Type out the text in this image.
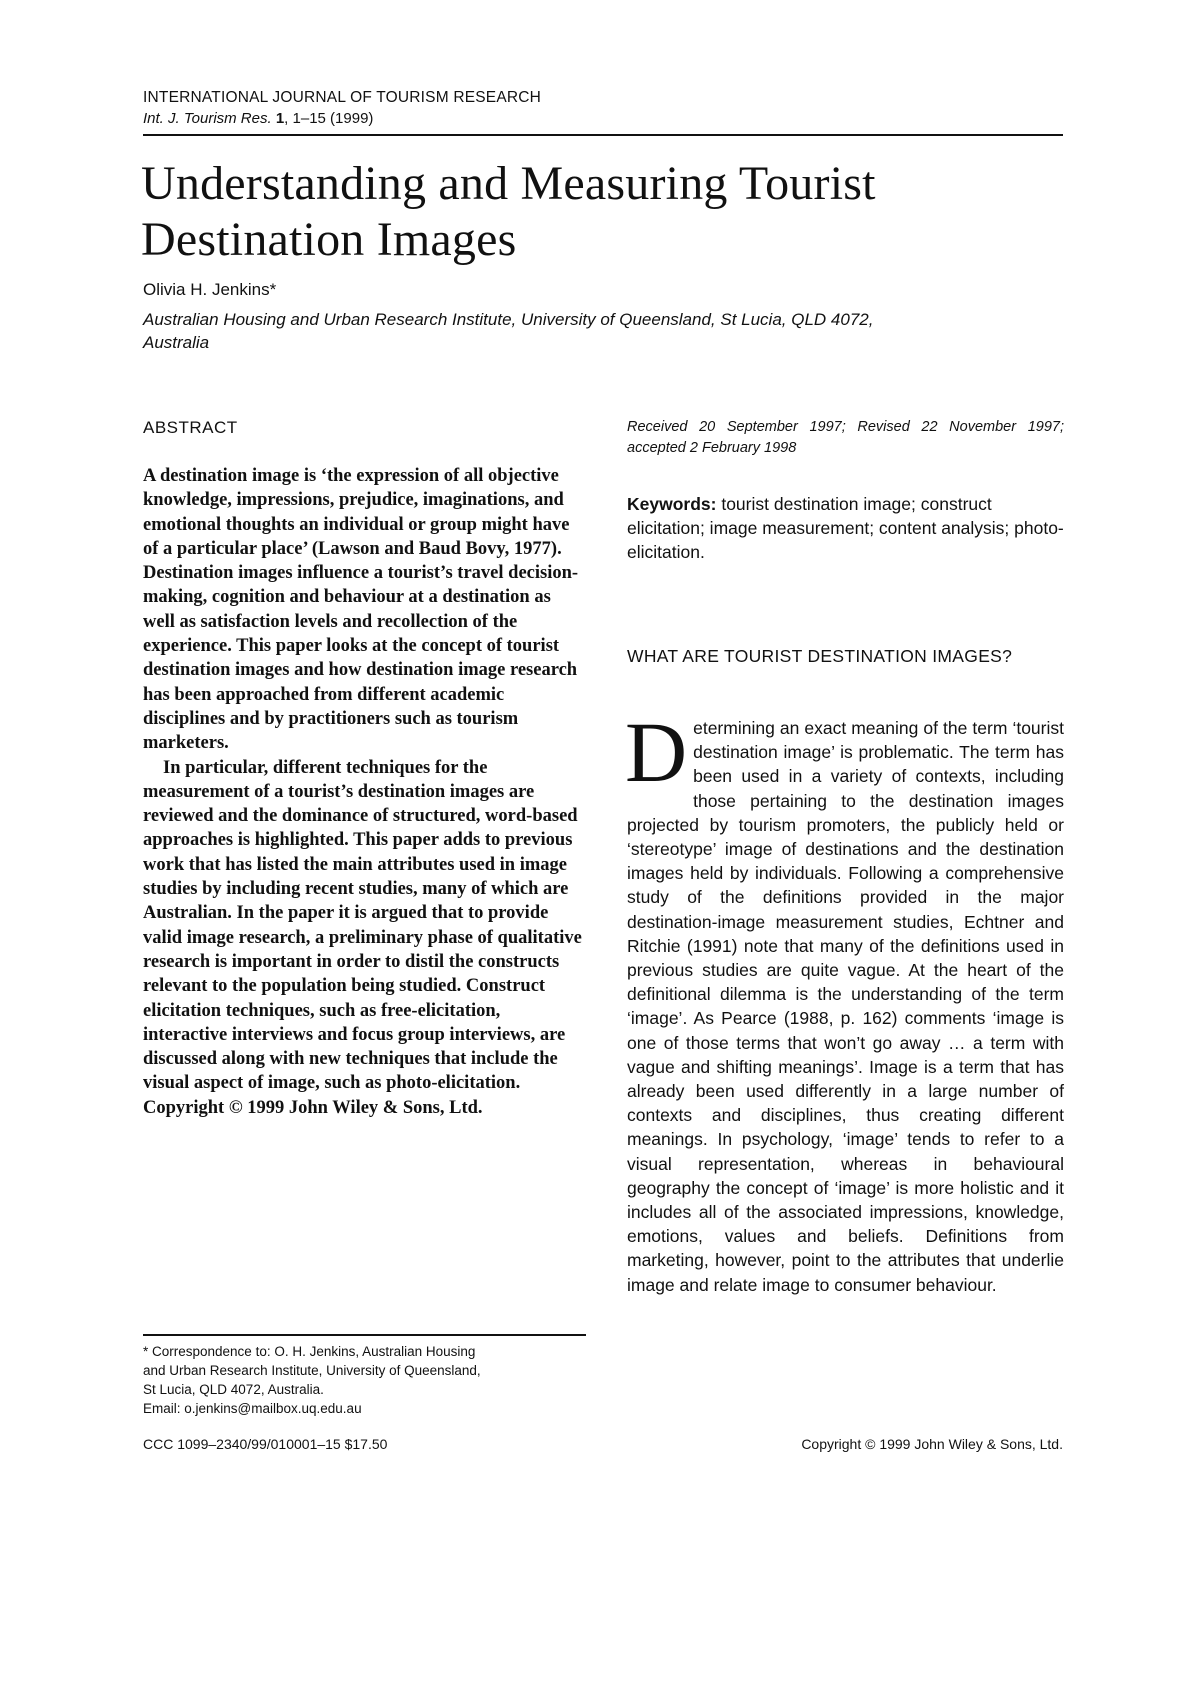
INTERNATIONAL JOURNAL OF TOURISM RESEARCH
Int. J. Tourism Res. 1, 1–15 (1999)
Understanding and Measuring Tourist
Destination Images
Olivia H. Jenkins*
Australian Housing and Urban Research Institute, University of Queensland, St Lucia, QLD 4072,
Australia
ABSTRACT

A destination image is ‘the expression of all objective knowledge, impressions, prejudice, imaginations, and emotional thoughts an individual or group might have of a particular place’ (Lawson and Baud Bovy, 1977). Destination images influence a tourist’s travel decision-making, cognition and behaviour at a destination as well as satisfaction levels and recollection of the experience. This paper looks at the concept of tourist destination images and how destination image research has been approached from different academic disciplines and by practitioners such as tourism marketers.

In particular, different techniques for the measurement of a tourist’s destination images are reviewed and the dominance of structured, word-based approaches is highlighted. This paper adds to previous work that has listed the main attributes used in image studies by including recent studies, many of which are Australian. In the paper it is argued that to provide valid image research, a preliminary phase of qualitative research is important in order to distil the constructs relevant to the population being studied. Construct elicitation techniques, such as free-elicitation, interactive interviews and focus group interviews, are discussed along with new techniques that include the visual aspect of image, such as photo-elicitation. Copyright © 1999 John Wiley & Sons, Ltd.

* Correspondence to: O. H. Jenkins, Australian Housing
and Urban Research Institute, University of Queensland,
St Lucia, QLD 4072, Australia.
Email: o.jenkins@mailbox.uq.edu.au
CCC 1099–2340/99/010001–15 $17.50
Received 20 September 1997; Revised 22 November 1997; accepted 2 February 1998
Keywords: tourist destination image; construct elicitation; image measurement; content analysis; photo-elicitation.
WHAT ARE TOURIST DESTINATION IMAGES?

Determining an exact meaning of the term ‘tourist destination image’ is problematic. The term has been used in a variety of contexts, including those pertaining to the destination images projected by tourism promoters, the publicly held or ‘stereotype’ image of destinations and the destination images held by individuals. Following a comprehensive study of the definitions provided in the major destination-image measurement studies, Echtner and Ritchie (1991) note that many of the definitions used in previous studies are quite vague. At the heart of the definitional dilemma is the understanding of the term ‘image’. As Pearce (1988, p. 162) comments ‘image is one of those terms that won’t go away … a term with vague and shifting meanings’. Image is a term that has already been used differently in a large number of contexts and disciplines, thus creating different meanings. In psychology, ‘image’ tends to refer to a visual representation, whereas in behavioural geography the concept of ‘image’ is more holistic and it includes all of the associated impressions, knowledge, emotions, values and beliefs. Definitions from marketing, however, point to the attributes that underlie image and relate image to consumer behaviour.

Copyright © 1999 John Wiley & Sons, Ltd.
